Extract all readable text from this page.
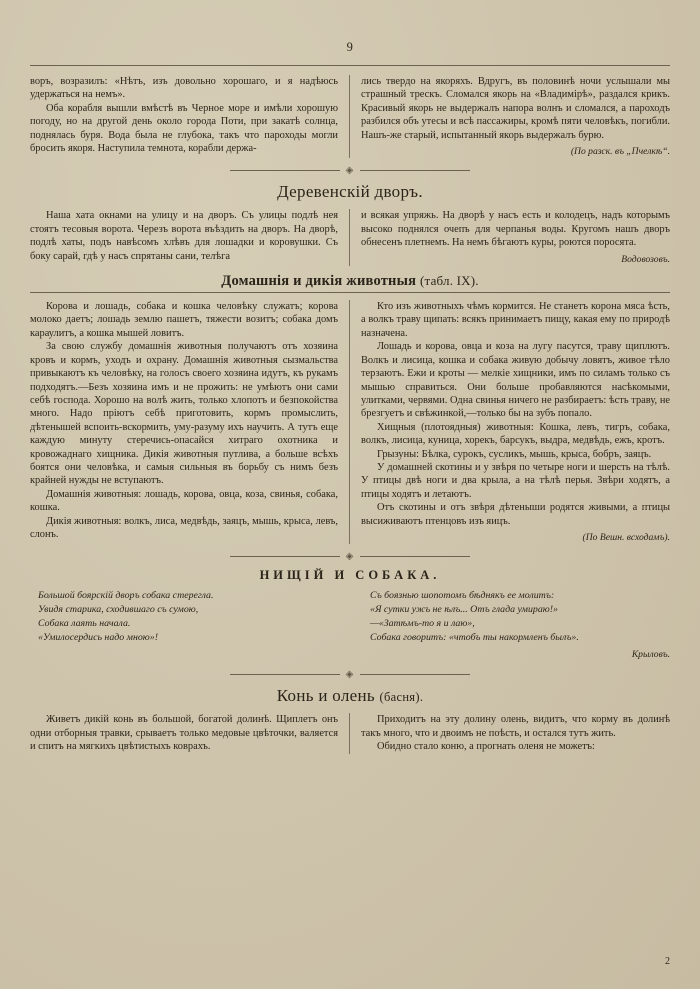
9

воръ, возразилъ: «Нѣтъ, изъ довольно хорошаго, и я надѣюсь удержаться на немъ».

Оба корабля вышли вмѣстѣ въ Черное море и имѣли хорошую погоду, но на другой день около города Поти, при закатѣ солнца, поднялась буря. Вода была не глубока, такъ что пароходы могли бросить якоря. Наступила темнота, корабли держа-

лись твердо на якоряхъ. Вдругъ, въ половинѣ ночи услышали мы страшный трескъ. Сломался якорь на «Владимірѣ», раздался крикъ. Красивый якорь не выдержалъ напора волнъ и сломался, а пароходъ разбился объ утесы и всѣ пассажиры, кромѣ пяти человѣкъ, погибли. Нашъ-же старый, испытанный якорь выдержалъ бурю.

(По разск. въ „Пчелкѣ“.
◈
Деревенскій дворъ.

Наша хата окнами на улицу и на дворъ. Съ улицы подлѣ нея стоятъ тесовыя ворота. Черезъ ворота въѣздить на дворъ. На дворѣ, подлѣ хаты, подъ навѣсомъ хлѣвъ для лошадки и коровушки. Съ боку сарай, гдѣ у насъ спрятаны сани, телѣга

и всякая упряжь. На дворѣ у насъ есть и колодецъ, надъ которымъ высоко поднялся очепъ для черпанья воды. Кругомъ нашъ дворъ обнесенъ плетнемъ. На немъ бѣгаютъ куры, роются поросята.

Водовозовъ.
Домашнія и дикія животныя (табл. IX).

Корова и лошадь, собака и кошка человѣку служатъ; корова молоко даетъ; лошадь землю пашетъ, тяжести возитъ; собака домъ караулитъ, а кошка мышей ловитъ.

За свою службу домашнія животныя получаютъ отъ хозяина кровъ и кормъ, уходъ и охрану. Домашнія животныя сызмальства привыкаютъ къ человѣку, на голосъ своего хозяина идутъ, къ рукамъ подходятъ.—Безъ хозяина имъ и не прожить: не умѣютъ они сами себѣ господа. Хорошо на волѣ жить, только хлопотъ и безпокойства много. Надо прiютъ себѣ приготовить, кормъ промыслить, дѣтенышей вспоить-вскормить, уму-разуму ихъ научить. А тутъ еще каждую минуту стеречись-опасайся хитраго охотника и кровожаднаго хищника. Дикія животныя путлива, а больше всѣхъ боятся они человѣка, и самыя сильныя въ борьбу съ нимъ безъ крайней нужды не вступаютъ.

Домашнія животныя: лошадь, корова, овца, коза, свинья, собака, кошка.

Дикія животныя: волкъ, лиса, медвѣдь, заяцъ, мышь, крыса, левъ, слонъ.

Кто изъ животныхъ чѣмъ кормится. Не станетъ корона мяса ѣсть, а волкъ траву щипать: всякъ принимаетъ пищу, какая ему по природѣ назначена.

Лошадь и корова, овца и коза на лугу пасутся, траву щиплютъ. Волкъ и лисица, кошка и собака живую добычу ловятъ, живое тѣло терзаютъ. Ежи и кроты — мелкіе хищники, имъ по силамъ только съ мышью справиться. Они больше пробавляются насѣкомыми, улитками, червями. Одна свинья ничего не разбираетъ: ѣсть траву, не брезгуетъ и свѣжинкой,—только бы на зубъ попало.

Хищныя (плотоядныя) животныя: Кошка, левъ, тигръ, собака, волкъ, лисица, куница, хорекъ, барсукъ, выдра, медвѣдь, ежъ, кротъ.

Грызуны: Бѣлка, сурокъ, сусликъ, мышь, крыса, бобръ, заяцъ.

У домашней скотины и у звѣря по четыре ноги и шерсть на тѣлѣ. У птицы двѣ ноги и два крыла, а на тѣлѣ перья. Звѣри ходятъ, а птицы ходятъ и летаютъ.

Отъ скотины и отъ звѣря дѣтеныши родятся живыми, а птицы высиживаютъ птенцовъ изъ яицъ.

(По Вешн. всходамъ).
◈
НИЩІЙ И СОБАКА.

Большой боярскій дворъ собака стерегла.

Увидя старика, сходившаго съ сумою,

Собака лаять начала.

«Умилосердись надо мною»!

Съ боязнью шопотомъ бѣднякъ ее молитъ:

«Я сутки ужъ не ѣлъ... Отъ глада умираю!»

—«Затѣмъ-то я и лаю»,

Собака говоритъ: «чтобъ ты накормленъ былъ».

Крыловъ.
◈
Конь и олень (басня).

Живетъ дикій конь въ большой, богатой долинѣ. Щиплетъ онъ одни отборныя травки, срываетъ только медовые цвѣточки, валяется и спитъ на мягкихъ цвѣтистыхъ коврахъ.

Приходитъ на эту долину олень, видитъ, что корму въ долинѣ такъ много, что и двоимъ не поѣсть, и остался тутъ жить.

Обидно стало коню, а прогнать оленя не можетъ:

2
